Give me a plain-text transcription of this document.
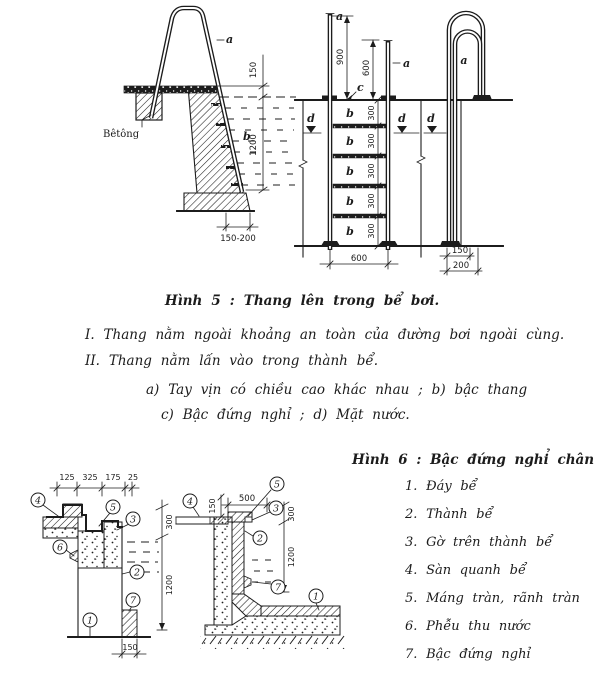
a
b
Bêtông
150
1200
150-200
900
600
a
a
c
b
b
b
b
b
300
300
300
300
300
d	d d
a
600
150
200
Hình 5 : Thang lên trong bể bơi.
I. Thang nằm ngoài khoảng an toàn của đường bơi ngoài cùng.
II. Thang nằm lấn vào trong thành bể.
a) Tay vịn có chiều cao khác nhau ; b) bậc thang
c) Bậc đứng nghỉ ; d) Mặt nước.
125 325 175 25
300
1200
150
4
5
3
6
2
7
1
150	500
300
1200
4
5
3
2
7
1
Hình 6 : Bậc đứng nghỉ chân
1. Đáy bể
2. Thành bể
3. Gờ trên thành bể
4. Sàn quanh bể
5. Máng tràn, rãnh tràn
6. Phễu thu nước
7. Bậc đứng nghỉ
